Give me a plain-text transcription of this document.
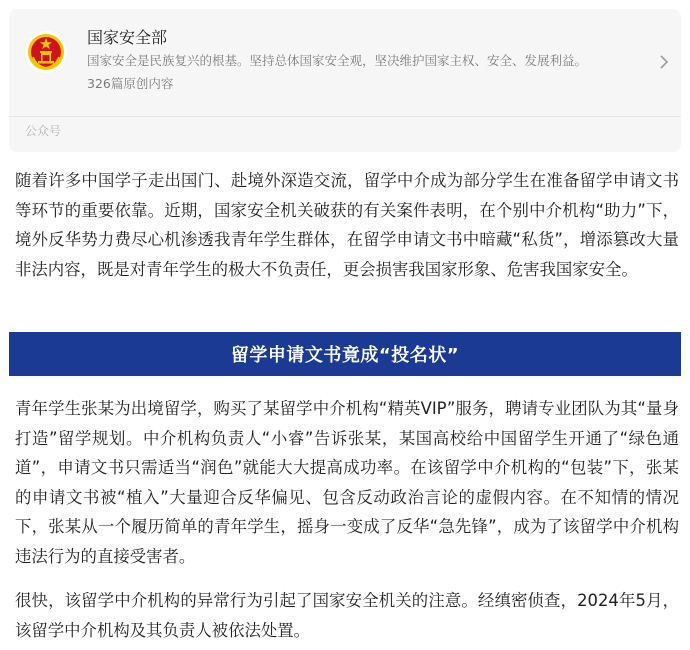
国家安全部
国家安全是民族复兴的根基。坚持总体国家安全观，坚决维护国家主权、安全、发展利益。
326篇原创内容
公众号

随着许多中国学子走出国门、赴境外深造交流，留学中介成为部分学生在准备留学申请文书等环节的重要依靠。近期，国家安全机关破获的有关案件表明，在个别中介机构“助力”下，境外反华势力费尽心机渗透我青年学生群体，在留学申请文书中暗藏“私货”，增添篡改大量非法内容，既是对青年学生的极大不负责任，更会损害我国家形象、危害我国家安全。

留学申请文书竟成“投名状”

青年学生张某为出境留学，购买了某留学中介机构“精英VIP”服务，聘请专业团队为其“量身打造”留学规划。中介机构负责人“小睿”告诉张某，某国高校给中国留学生开通了“绿色通道”，申请文书只需适当“润色”就能大大提高成功率。在该留学中介机构的“包装”下，张某的申请文书被“植入”大量迎合反华偏见、包含反动政治言论的虚假内容。在不知情的情况下，张某从一个履历简单的青年学生，摇身一变成了反华“急先锋”，成为了该留学中介机构违法行为的直接受害者。

很快，该留学中介机构的异常行为引起了国家安全机关的注意。经缜密侦查，2024年5月，该留学中介机构及其负责人被依法处置。
